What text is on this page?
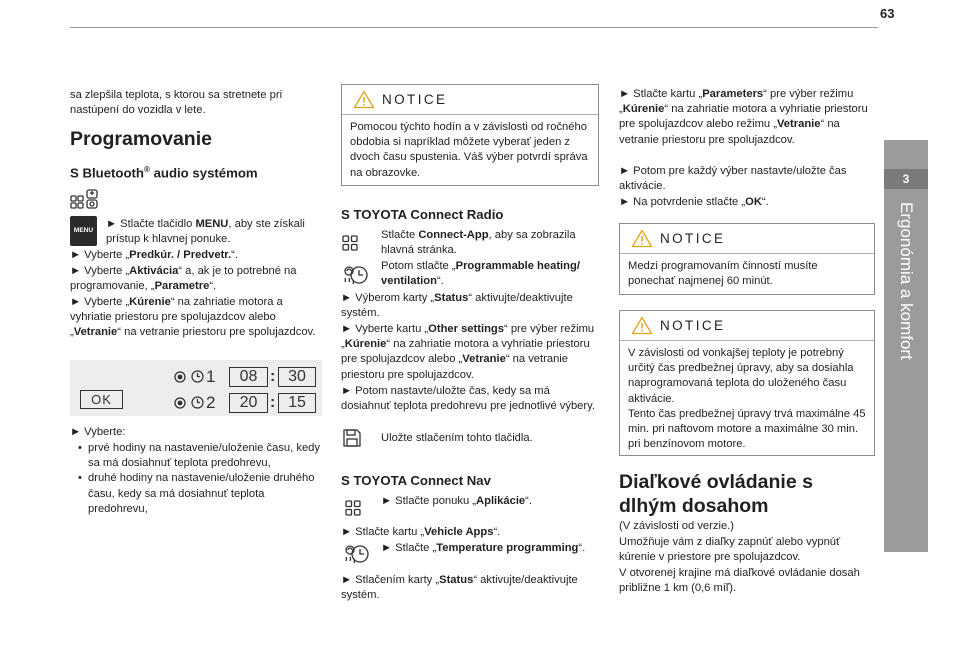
63
3
Ergonómia a komfort
sa zlepšila teplota, s ktorou sa stretnete pri nastúpení do vozidla v lete.
Programovanie
S Bluetooth® audio systémom
MENU
► Stlačte tlačidlo MENU, aby ste získali prístup k hlavnej ponuke.
► Vyberte „Predkúr. / Predvetr.“.
► Vyberte „Aktivácia“ a, ak je to potrebné na programovanie, „Parametre“.
► Vyberte „Kúrenie“ na zahriatie motora a vyhriatie priestoru pre spolujazdcov alebo „Vetranie“ na vetranie priestoru pre spolujazdcov.
OK
1	08 : 30
2	20 : 15
► Vyberte:
• prvé hodiny na nastavenie/uloženie času, kedy sa má dosiahnuť teplota predohrevu,
• druhé hodiny na nastavenie/uloženie druhého času, kedy sa má dosiahnuť teplota predohrevu,
NOTICE
Pomocou týchto hodín a v závislosti od ročného obdobia si napríklad môžete vyberať jeden z dvoch času spustenia. Váš výber potvrdí správa na obrazovke.
S TOYOTA Connect Radio
Stlačte Connect-App, aby sa zobrazila hlavná stránka.
Potom stlačte „Programmable heating/ ventilation“.
► Výberom karty „Status“ aktivujte/deaktivujte systém.
► Vyberte kartu „Other settings“ pre výber režimu „Kúrenie“ na zahriatie motora a vyhriatie priestoru pre spolujazdcov alebo „Vetranie“ na vetranie priestoru pre spolujazdcov.
► Potom nastavte/uložte čas, kedy sa má dosiahnuť teplota predohrevu pre jednotlivé výbery.
Uložte stlačením tohto tlačidla.
S TOYOTA Connect Nav
► Stlačte ponuku „Aplikácie“.
► Stlačte kartu „Vehicle Apps“.
► Stlačte „Temperature programming“.
► Stlačením karty „Status“ aktivujte/deaktivujte systém.
► Stlačte kartu „Parameters“ pre výber režimu „Kúrenie“ na zahriatie motora a vyhriatie priestoru pre spolujazdcov alebo režimu „Vetranie“ na vetranie priestoru pre spolujazdcov.
► Potom pre každý výber nastavte/uložte čas aktivácie.
► Na potvrdenie stlačte „OK“.
NOTICE
Medzi programovaním činností musíte ponechať najmenej 60 minút.
NOTICE
V závislosti od vonkajšej teploty je potrebný určitý čas predbežnej úpravy, aby sa dosiahla naprogramovaná teplota do uloženého času aktivácie.
Tento čas predbežnej úpravy trvá maximálne 45 min. pri naftovom motore a maximálne 30 min. pri benzínovom motore.
Diaľkové ovládanie s dlhým dosahom
(V závislosti od verzie.)
Umožňuje vám z diaľky zapnúť alebo vypnúť kúrenie v priestore pre spolujazdcov.
V otvorenej krajine má diaľkové ovládanie dosah približne 1 km (0,6 míľ).
